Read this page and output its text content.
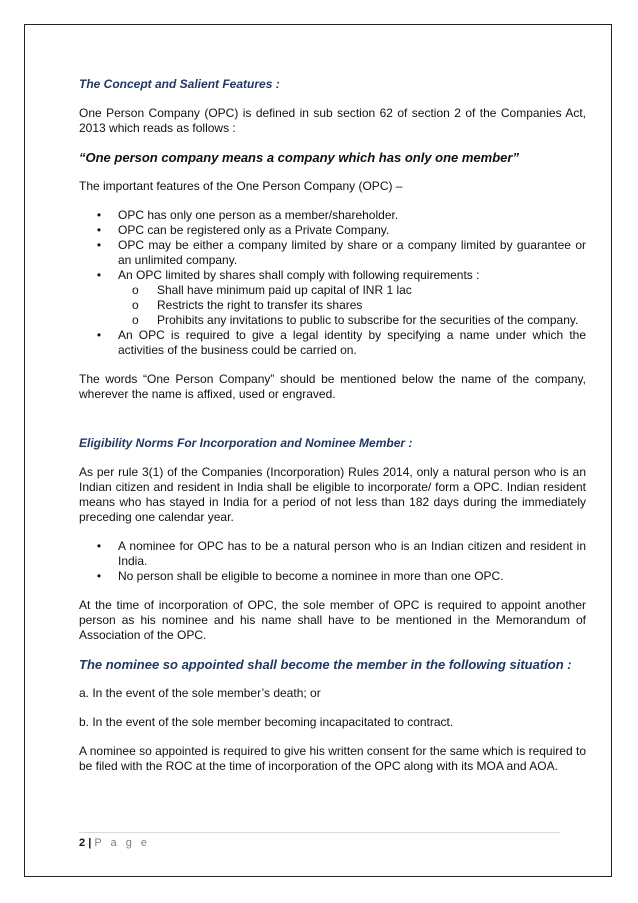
The Concept and Salient Features :

One Person Company (OPC) is defined in sub section 62 of section 2 of the Companies Act, 2013 which reads as follows :

“One person company means a company which has only one member”

The important features of the One Person Company (OPC) –

• OPC has only one person as a member/shareholder.
• OPC can be registered only as a Private Company.
• OPC may be either a company limited by share or a company limited by guarantee or an unlimited company.
• An OPC limited by shares shall comply with following requirements :
o Shall have minimum paid up capital of INR 1 lac
o Restricts the right to transfer its shares
o Prohibits any invitations to public to subscribe for the securities of the company.
• An OPC is required to give a legal identity by specifying a name under which the activities of the business could be carried on.

The words “One Person Company” should be mentioned below the name of the company, wherever the name is affixed, used or engraved.

Eligibility Norms For Incorporation and Nominee Member :

As per rule 3(1) of the Companies (Incorporation) Rules 2014, only a natural person who is an Indian citizen and resident in India shall be eligible to incorporate/ form a OPC. Indian resident means who has stayed in India for a period of not less than 182 days during the immediately preceding one calendar year.

• A nominee for OPC has to be a natural person who is an Indian citizen and resident in India.
• No person shall be eligible to become a nominee in more than one OPC.

At the time of incorporation of OPC, the sole member of OPC is required to appoint another person as his nominee and his name shall have to be mentioned in the Memorandum of Association of the OPC.

The nominee so appointed shall become the member in the following situation :

a. In the event of the sole member’s death; or

b. In the event of the sole member becoming incapacitated to contract.

A nominee so appointed is required to give his written consent for the same which is required to be filed with the ROC at the time of incorporation of the OPC along with its MOA and AOA.

2 | P a g e
